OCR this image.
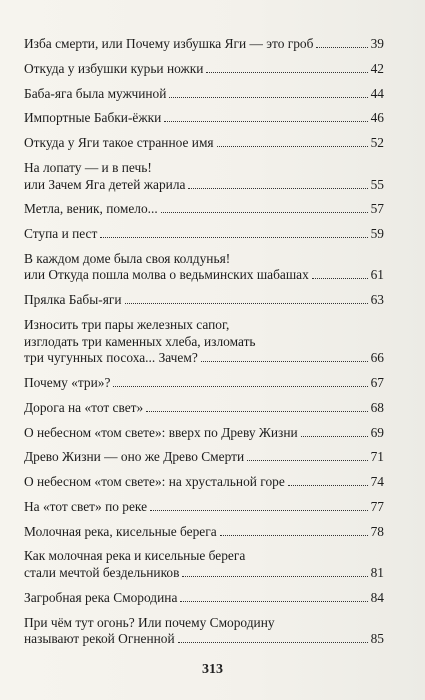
Изба смерти, или Почему избушка Яги — это гроб	39
Откуда у избушки курьи ножки	42
Баба-яга была мужчиной	44
Импортные Бабки-ёжки	46
Откуда у Яги такое странное имя	52
На лопату — и в печь!
или Зачем Яга детей жарила	55
Метла, веник, помело...	57
Ступа и пест	59
В каждом доме была своя колдунья!
или Откуда пошла молва о ведьминских шабашах	61
Прялка Бабы-яги	63
Износить три пары железных сапог,
изглодать три каменных хлеба, изломать
три чугунных посоха... Зачем?	66
Почему «три»?	67
Дорога на «тот свет»	68
О небесном «том свете»: вверх по Древу Жизни	69
Древо Жизни — оно же Древо Смерти	71
О небесном «том свете»: на хрустальной горе	74
На «тот свет» по реке	77
Молочная река, кисельные берега	78
Как молочная река и кисельные берега
стали мечтой бездельников	81
Загробная река Смородина	84
При чём тут огонь? Или почему Смородину
называют рекой Огненной	85
313
